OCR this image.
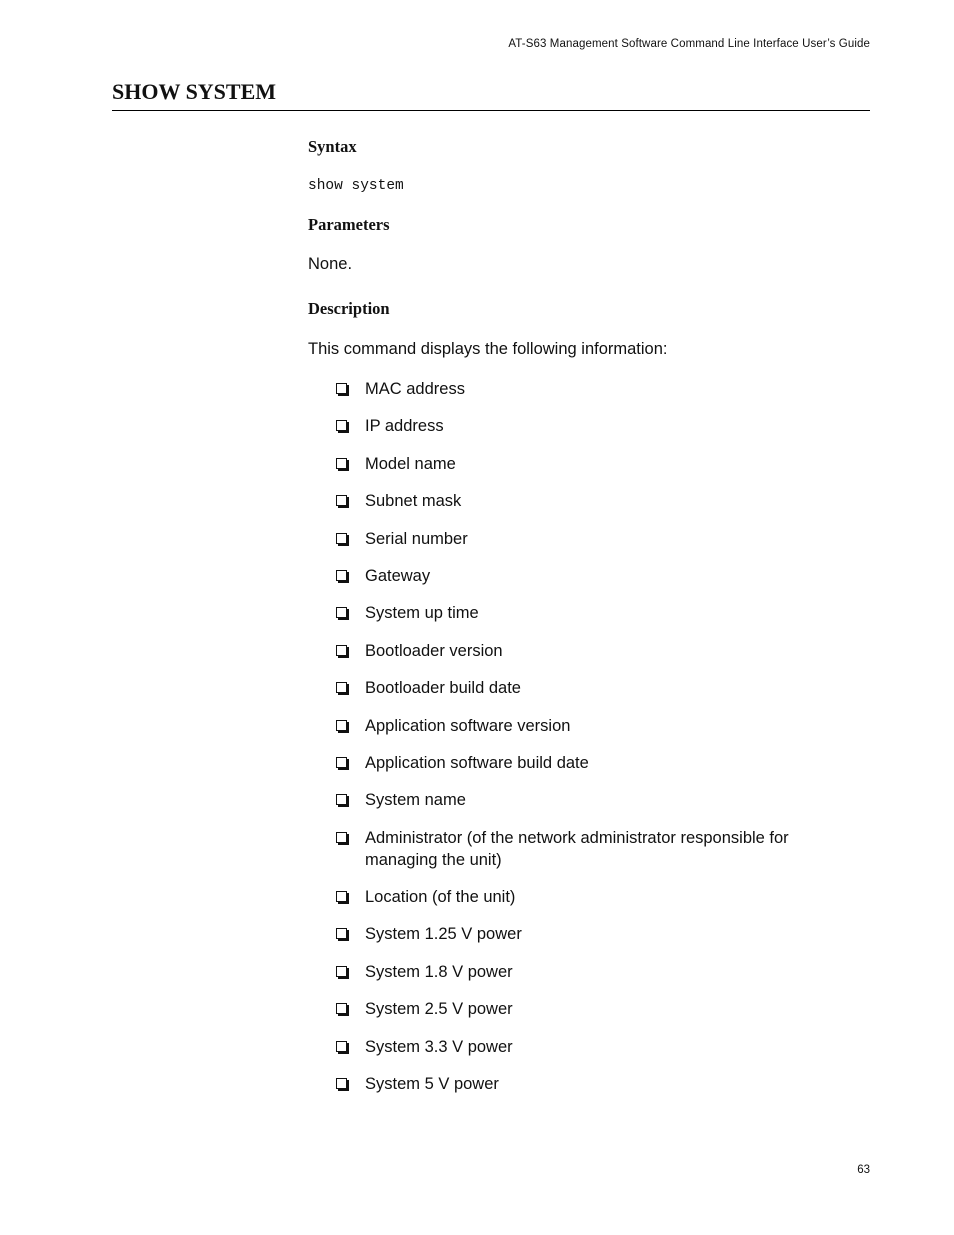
AT-S63 Management Software Command Line Interface User’s Guide
SHOW SYSTEM
Syntax
show system
Parameters
None.
Description
This command displays the following information:
MAC address
IP address
Model name
Subnet mask
Serial number
Gateway
System up time
Bootloader version
Bootloader build date
Application software version
Application software build date
System name
Administrator (of the network administrator responsible for managing the unit)
Location (of the unit)
System 1.25 V power
System 1.8 V power
System 2.5 V power
System 3.3 V power
System 5 V power
63
